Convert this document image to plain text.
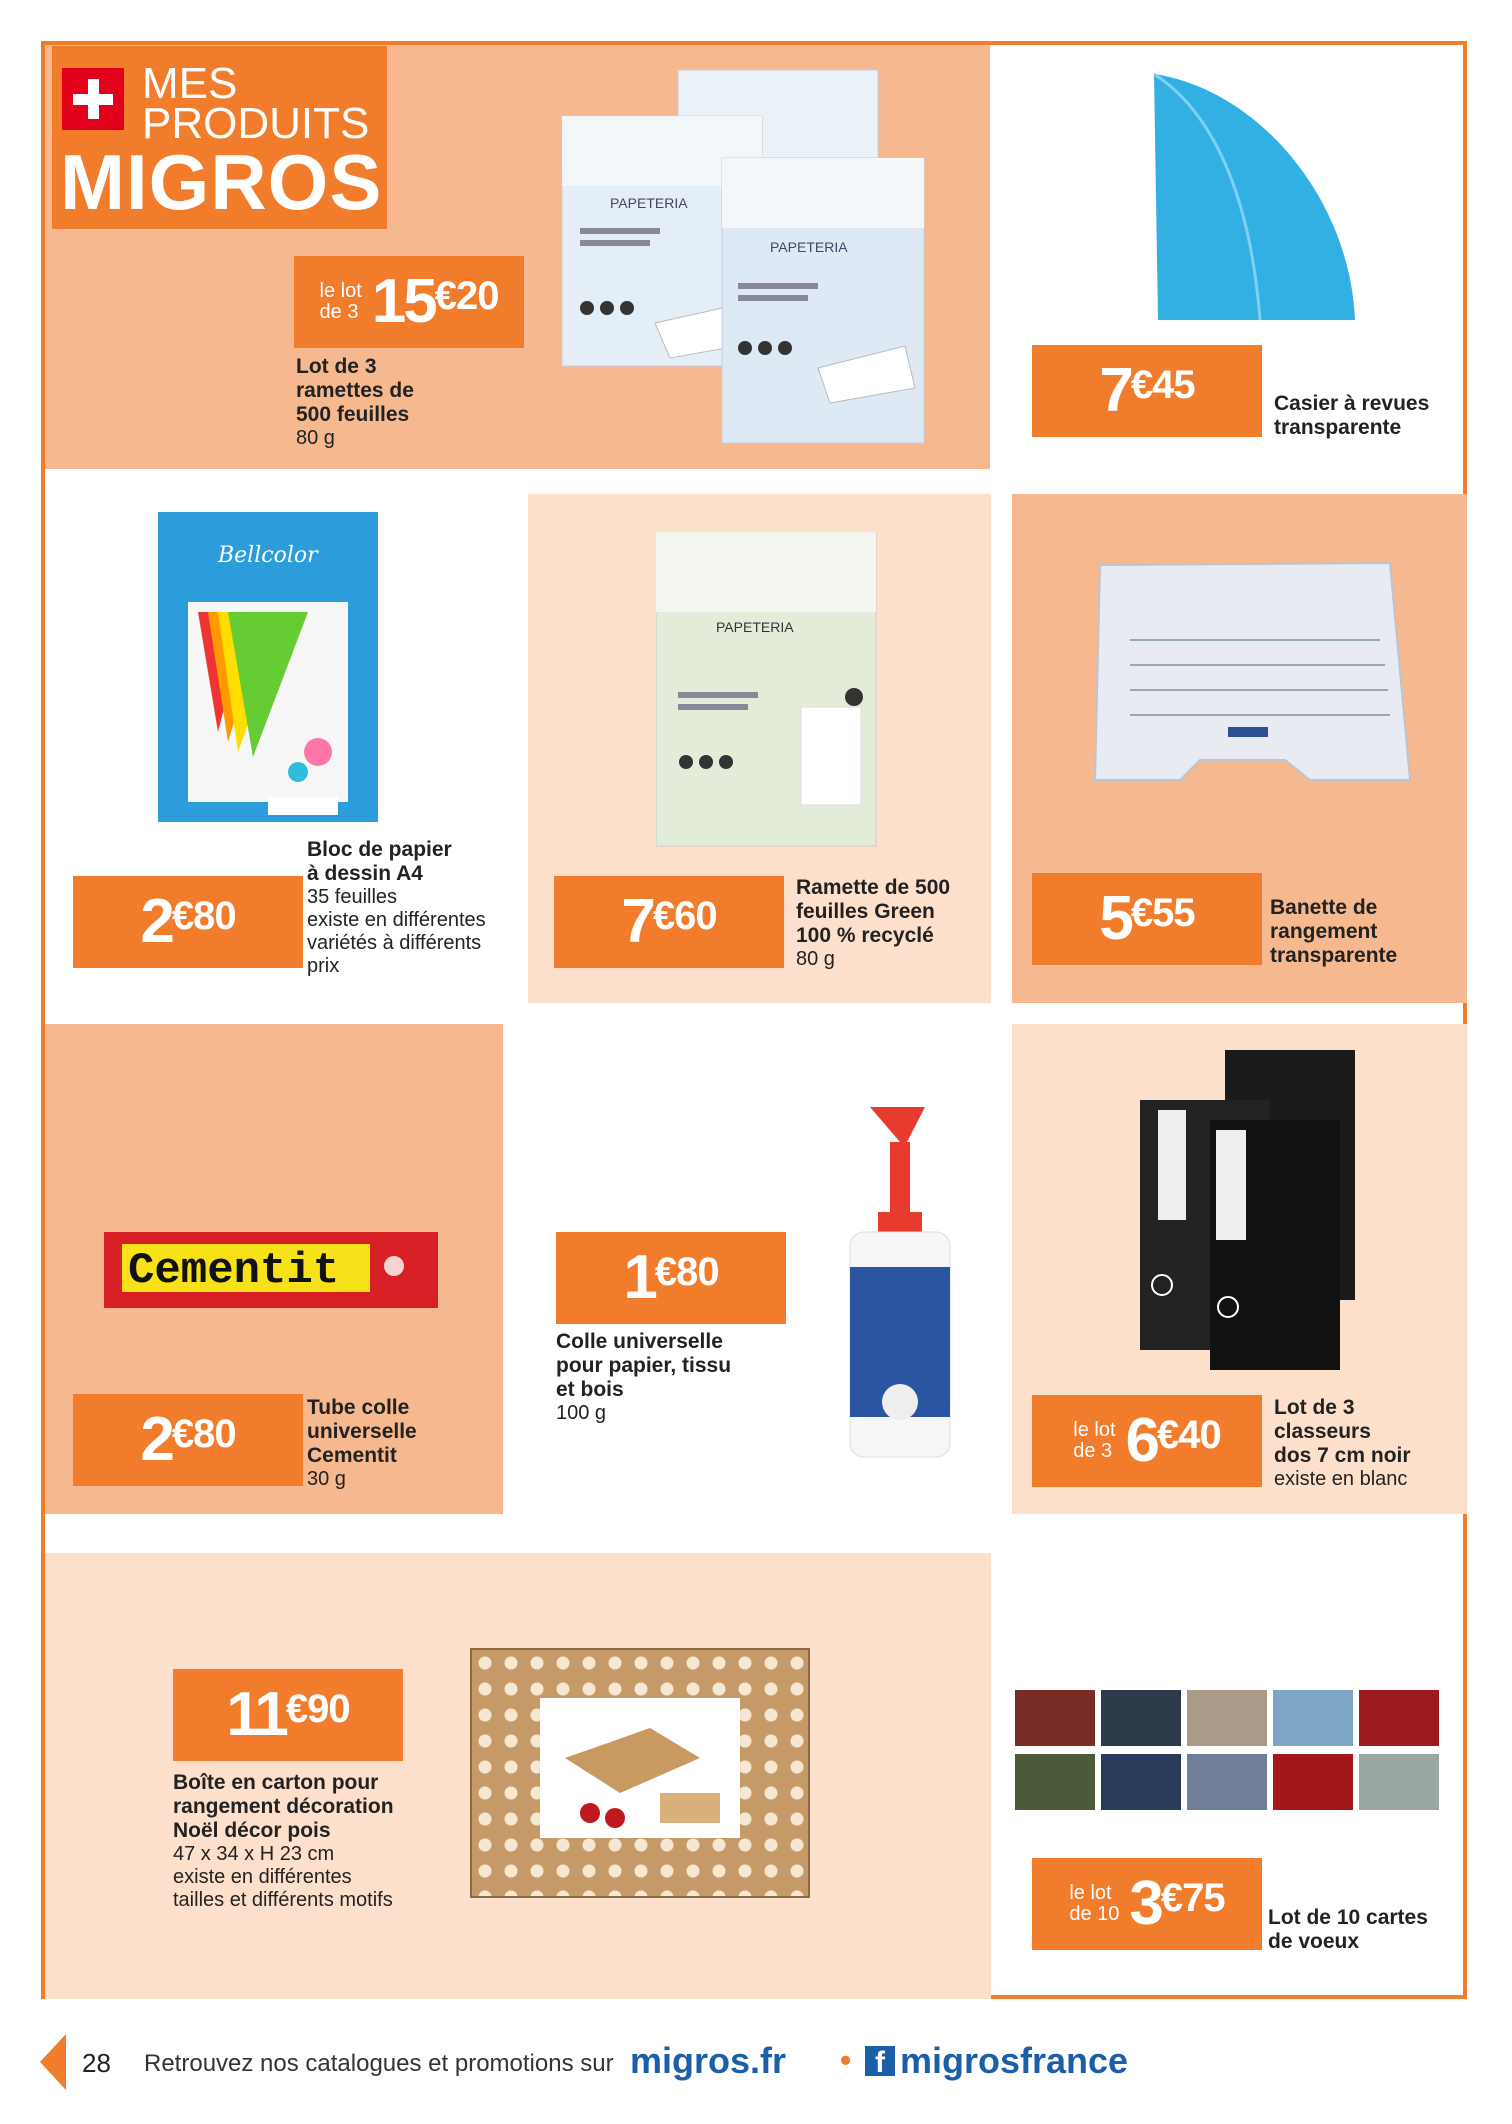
MES
PRODUITS
MIGROS	PAPETERIA
PAPETERIA
le lot
de 3 15 €20
Lot de 3
ramettes de
500 feuilles
80 g
7 €45	Casier à revues
transparente
Bellcolor
2 €80
Bloc de papier
à dessin A4
35 feuilles
existe en différentes
variétés à différents
prix
PAPETERIA
7 €60
Ramette de 500
feuilles Green
100 % recyclé
80 g
5 €55	Banette de
rangement
transparente
Cementit
2 €80
Tube colle
universelle
Cementit
30 g
1 €80
Colle universelle
pour papier, tissu
et bois
100 g
le lot
de 3 6 €40
Lot de 3
classeurs
dos 7 cm noir
existe en blanc
11 €90
Boîte en carton pour
rangement décoration
Noël décor pois
47 x 34 x H 23 cm
existe en différentes
tailles et différents motifs	le lot
de 10 3 €75 Lot de 10 cartes
de voeux
28 Retrouvez nos catalogues et promotions sur migros.fr • f migrosfrance
